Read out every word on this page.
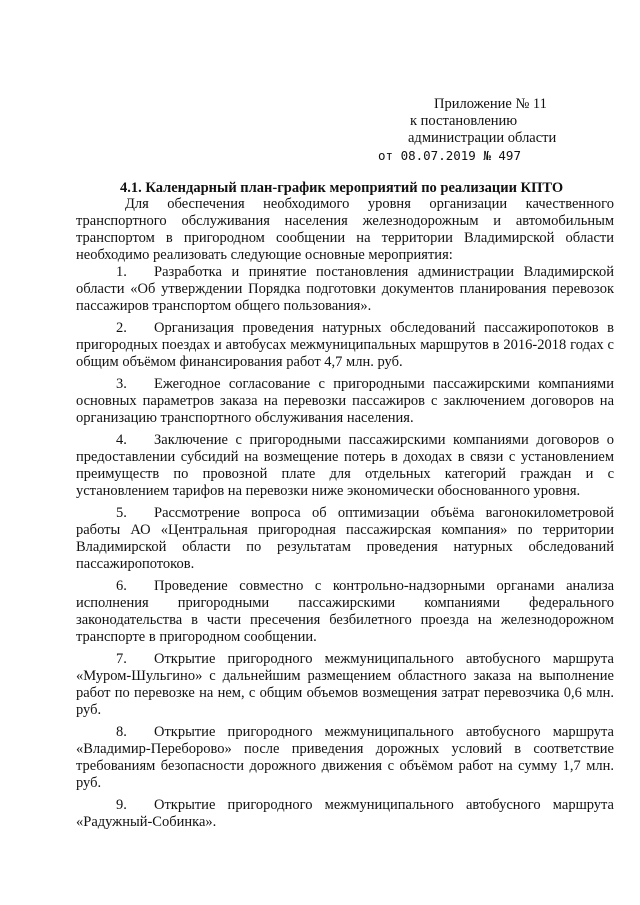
Приложение № 11
к постановлению
администрации области
от 08.07.2019 № 497
4.1. Календарный план-график мероприятий по реализации КПТО

Для обеспечения необходимого уровня организации качественного транспортного обслуживания населения железнодорожным и автомобильным транспортом в пригородном сообщении на территории Владимирской области необходимо реализовать следующие основные мероприятия:

1. Разработка и принятие постановления администрации Владимирской области «Об утверждении Порядка подготовки документов планирования перевозок пассажиров транспортом общего пользования».

2. Организация проведения натурных обследований пассажиропотоков в пригородных поездах и автобусах межмуниципальных маршрутов в 2016-2018 годах с общим объёмом финансирования работ 4,7 млн. руб.

3. Ежегодное согласование с пригородными пассажирскими компаниями основных параметров заказа на перевозки пассажиров с заключением договоров на организацию транспортного обслуживания населения.

4. Заключение с пригородными пассажирскими компаниями договоров о предоставлении субсидий на возмещение потерь в доходах в связи с установлением преимуществ по провозной плате для отдельных категорий граждан и с установлением тарифов на перевозки ниже экономически обоснованного уровня.

5. Рассмотрение вопроса об оптимизации объёма вагонокилометровой работы АО «Центральная пригородная пассажирская компания» по территории Владимирской области по результатам проведения натурных обследований пассажиропотоков.

6. Проведение совместно с контрольно-надзорными органами анализа исполнения пригородными пассажирскими компаниями федерального законодательства в части пресечения безбилетного проезда на железнодорожном транспорте в пригородном сообщении.

7. Открытие пригородного межмуниципального автобусного маршрута «Муром-Шульгино» с дальнейшим размещением областного заказа на выполнение работ по перевозке на нем, с общим объемов возмещения затрат перевозчика 0,6 млн. руб.

8. Открытие пригородного межмуниципального автобусного маршрута «Владимир-Переборово» после приведения дорожных условий в соответствие требованиям безопасности дорожного движения с объёмом работ на сумму 1,7 млн. руб.

9. Открытие пригородного межмуниципального автобусного маршрута «Радужный-Собинка».
